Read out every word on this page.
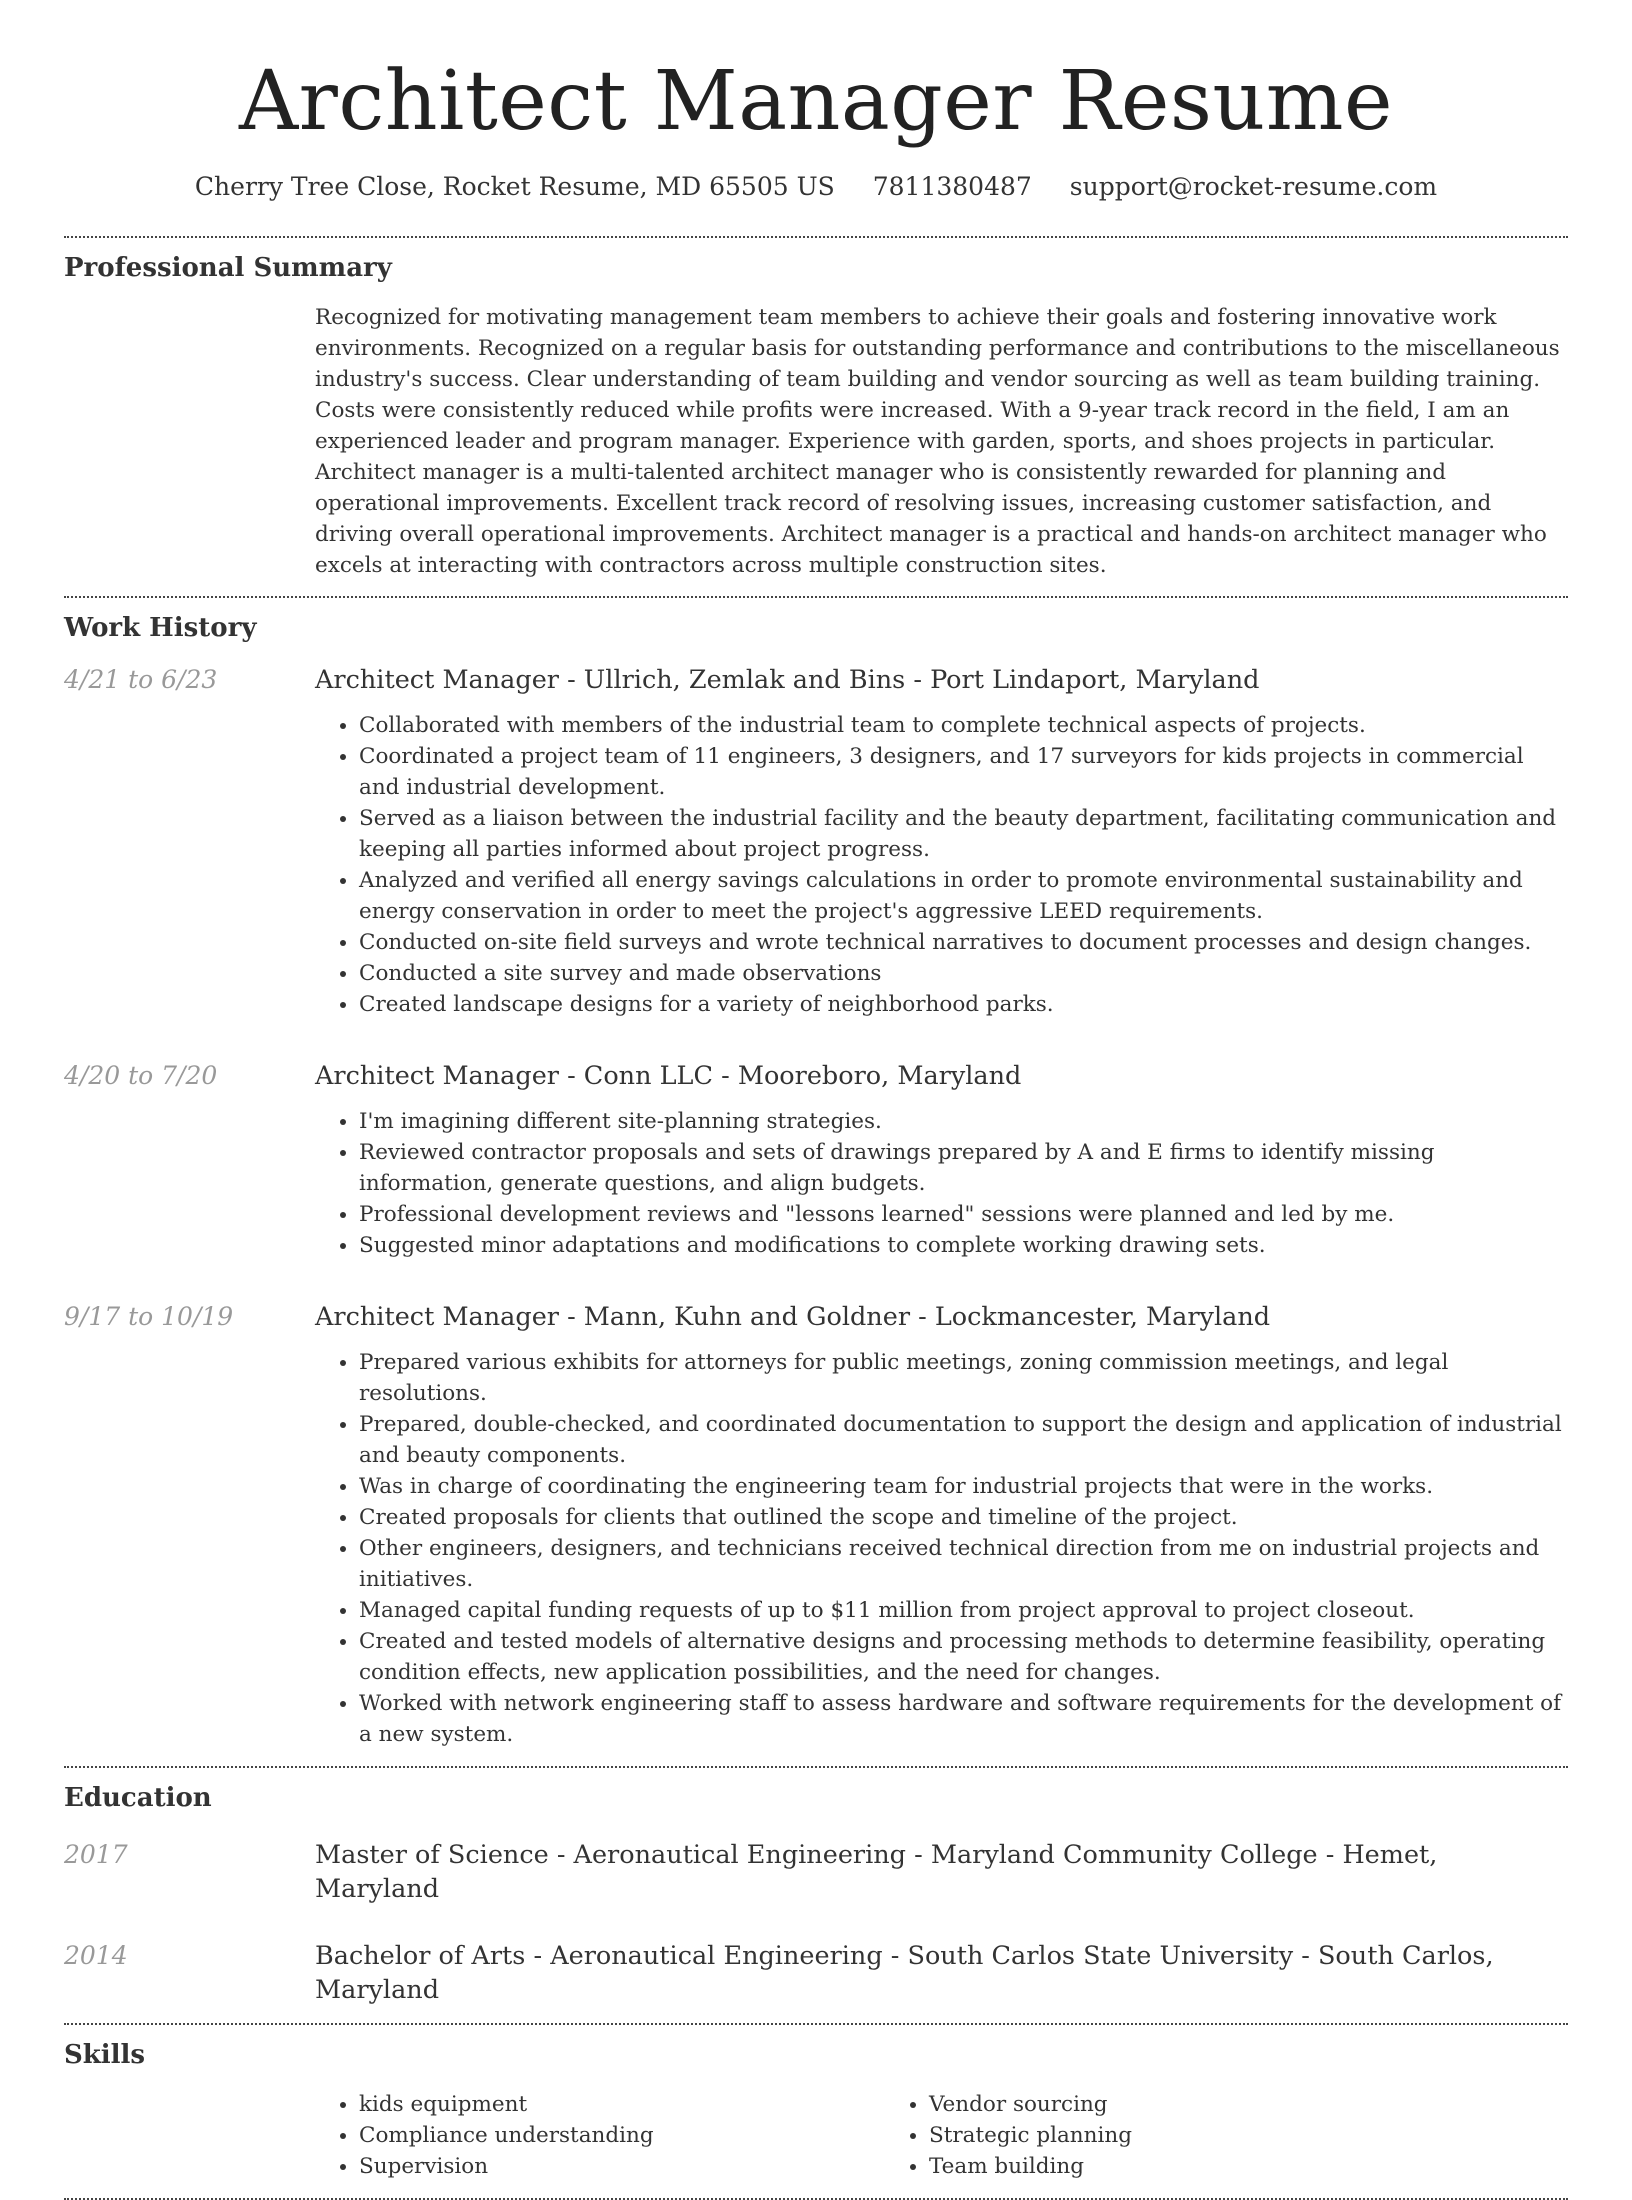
Architect Manager Resume
Cherry Tree Close, Rocket Resume, MD 65505 US 7811380487 support@rocket-resume.com
Professional Summary
Recognized for motivating management team members to achieve their goals and fostering innovative work environments. Recognized on a regular basis for outstanding performance and contributions to the miscellaneous industry's success. Clear understanding of team building and vendor sourcing as well as team building training. Costs were consistently reduced while profits were increased. With a 9-year track record in the field, I am an experienced leader and program manager. Experience with garden, sports, and shoes projects in particular. Architect manager is a multi-talented architect manager who is consistently rewarded for planning and operational improvements. Excellent track record of resolving issues, increasing customer satisfaction, and driving overall operational improvements. Architect manager is a practical and hands-on architect manager who excels at interacting with contractors across multiple construction sites.
Work History
4/21 to 6/23	Architect Manager - Ullrich, Zemlak and Bins - Port Lindaport, Maryland
• Collaborated with members of the industrial team to complete technical aspects of projects.
• Coordinated a project team of 11 engineers, 3 designers, and 17 surveyors for kids projects in commercial and industrial development.
• Served as a liaison between the industrial facility and the beauty department, facilitating communication and keeping all parties informed about project progress.
• Analyzed and verified all energy savings calculations in order to promote environmental sustainability and energy conservation in order to meet the project's aggressive LEED requirements.
• Conducted on-site field surveys and wrote technical narratives to document processes and design changes.
• Conducted a site survey and made observations
• Created landscape designs for a variety of neighborhood parks.
4/20 to 7/20	Architect Manager - Conn LLC - Mooreboro, Maryland
• I'm imagining different site-planning strategies.
• Reviewed contractor proposals and sets of drawings prepared by A and E firms to identify missing information, generate questions, and align budgets.
• Professional development reviews and "lessons learned" sessions were planned and led by me.
• Suggested minor adaptations and modifications to complete working drawing sets.
9/17 to 10/19	Architect Manager - Mann, Kuhn and Goldner - Lockmancester, Maryland
• Prepared various exhibits for attorneys for public meetings, zoning commission meetings, and legal resolutions.
• Prepared, double-checked, and coordinated documentation to support the design and application of industrial and beauty components.
• Was in charge of coordinating the engineering team for industrial projects that were in the works.
• Created proposals for clients that outlined the scope and timeline of the project.
• Other engineers, designers, and technicians received technical direction from me on industrial projects and initiatives.
• Managed capital funding requests of up to $11 million from project approval to project closeout.
• Created and tested models of alternative designs and processing methods to determine feasibility, operating condition effects, new application possibilities, and the need for changes.
• Worked with network engineering staff to assess hardware and software requirements for the development of a new system.
Education
2017	Master of Science - Aeronautical Engineering - Maryland Community College - Hemet, Maryland
2014	Bachelor of Arts - Aeronautical Engineering - South Carlos State University - South Carlos, Maryland
Skills
• kids equipment
• Compliance understanding
• Supervision
• Vendor sourcing
• Strategic planning
• Team building
